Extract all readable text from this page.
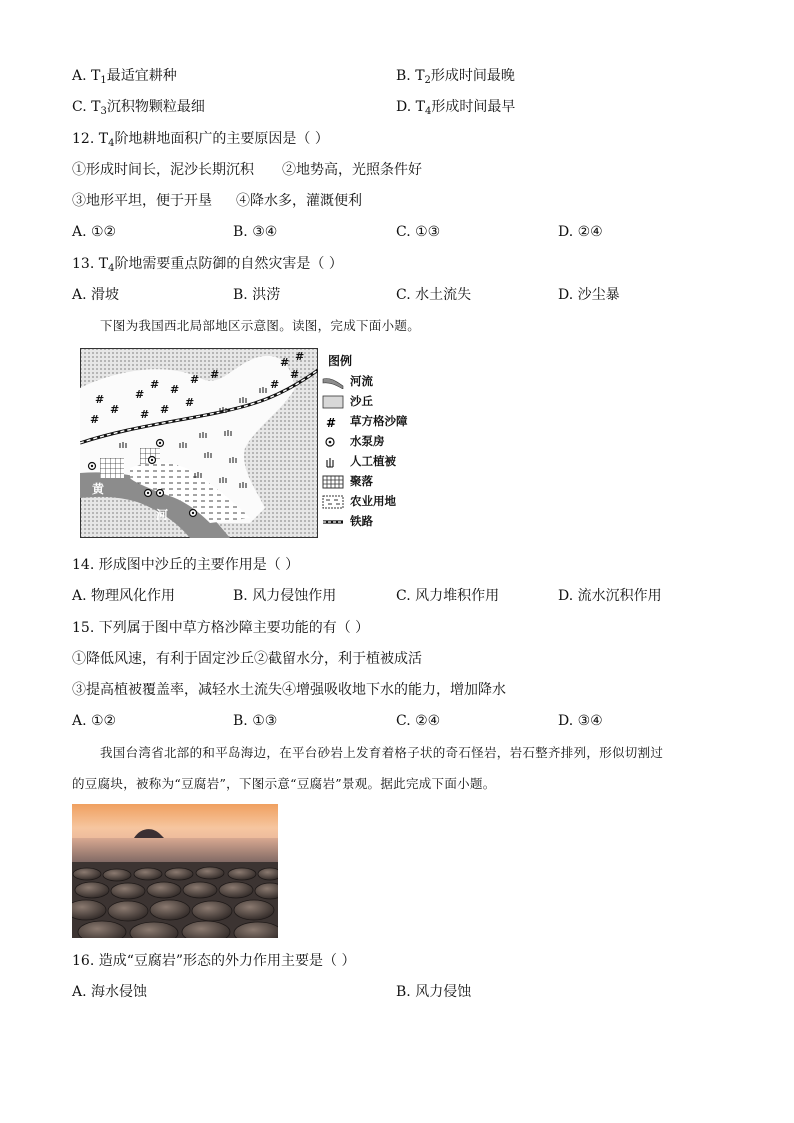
A. $T_1$最适宜耕种	B. $T_2$形成时间最晚
C. $T_3$沉积物颗粒最细	D. $T_4$形成时间最早
12. $T_4$阶地耕地面积广的主要原因是（ ）
①形成时间长，泥沙长期沉积 ②地势高，光照条件好
③地形平坦，便于开垦 ④降水多，灌溉便利
A. ①②	B. ③④	C. ①③	D. ②④
13. $T_4$阶地需要重点防御的自然灾害是（ ）
A. 滑坡	B. 洪涝	C. 水土流失	D. 沙尘暴
下图为我国西北局部地区示意图。读图，完成下面小题。
# #
#
#
# #
# #
#
#
#
#	# #
#
黄
河
图例
河流
沙丘
# 草方格沙障
水泵房
人工植被
聚落
农业用地
铁路
14. 形成图中沙丘的主要作用是（ ）
A. 物理风化作用	B. 风力侵蚀作用	C. 风力堆积作用	D. 流水沉积作用
15. 下列属于图中草方格沙障主要功能的有（ ）
①降低风速，有利于固定沙丘②截留水分，利于植被成活
③提高植被覆盖率，减轻水土流失④增强吸收地下水的能力，增加降水
A. ①②	B. ①③	C. ②④	D. ③④
我国台湾省北部的和平岛海边，在平台砂岩上发育着格子状的奇石怪岩，岩石整齐排列，形似切割过
的豆腐块，被称为“豆腐岩”，下图示意“豆腐岩”景观。据此完成下面小题。
16. 造成“豆腐岩”形态的外力作用主要是（ ）
A. 海水侵蚀	B. 风力侵蚀
